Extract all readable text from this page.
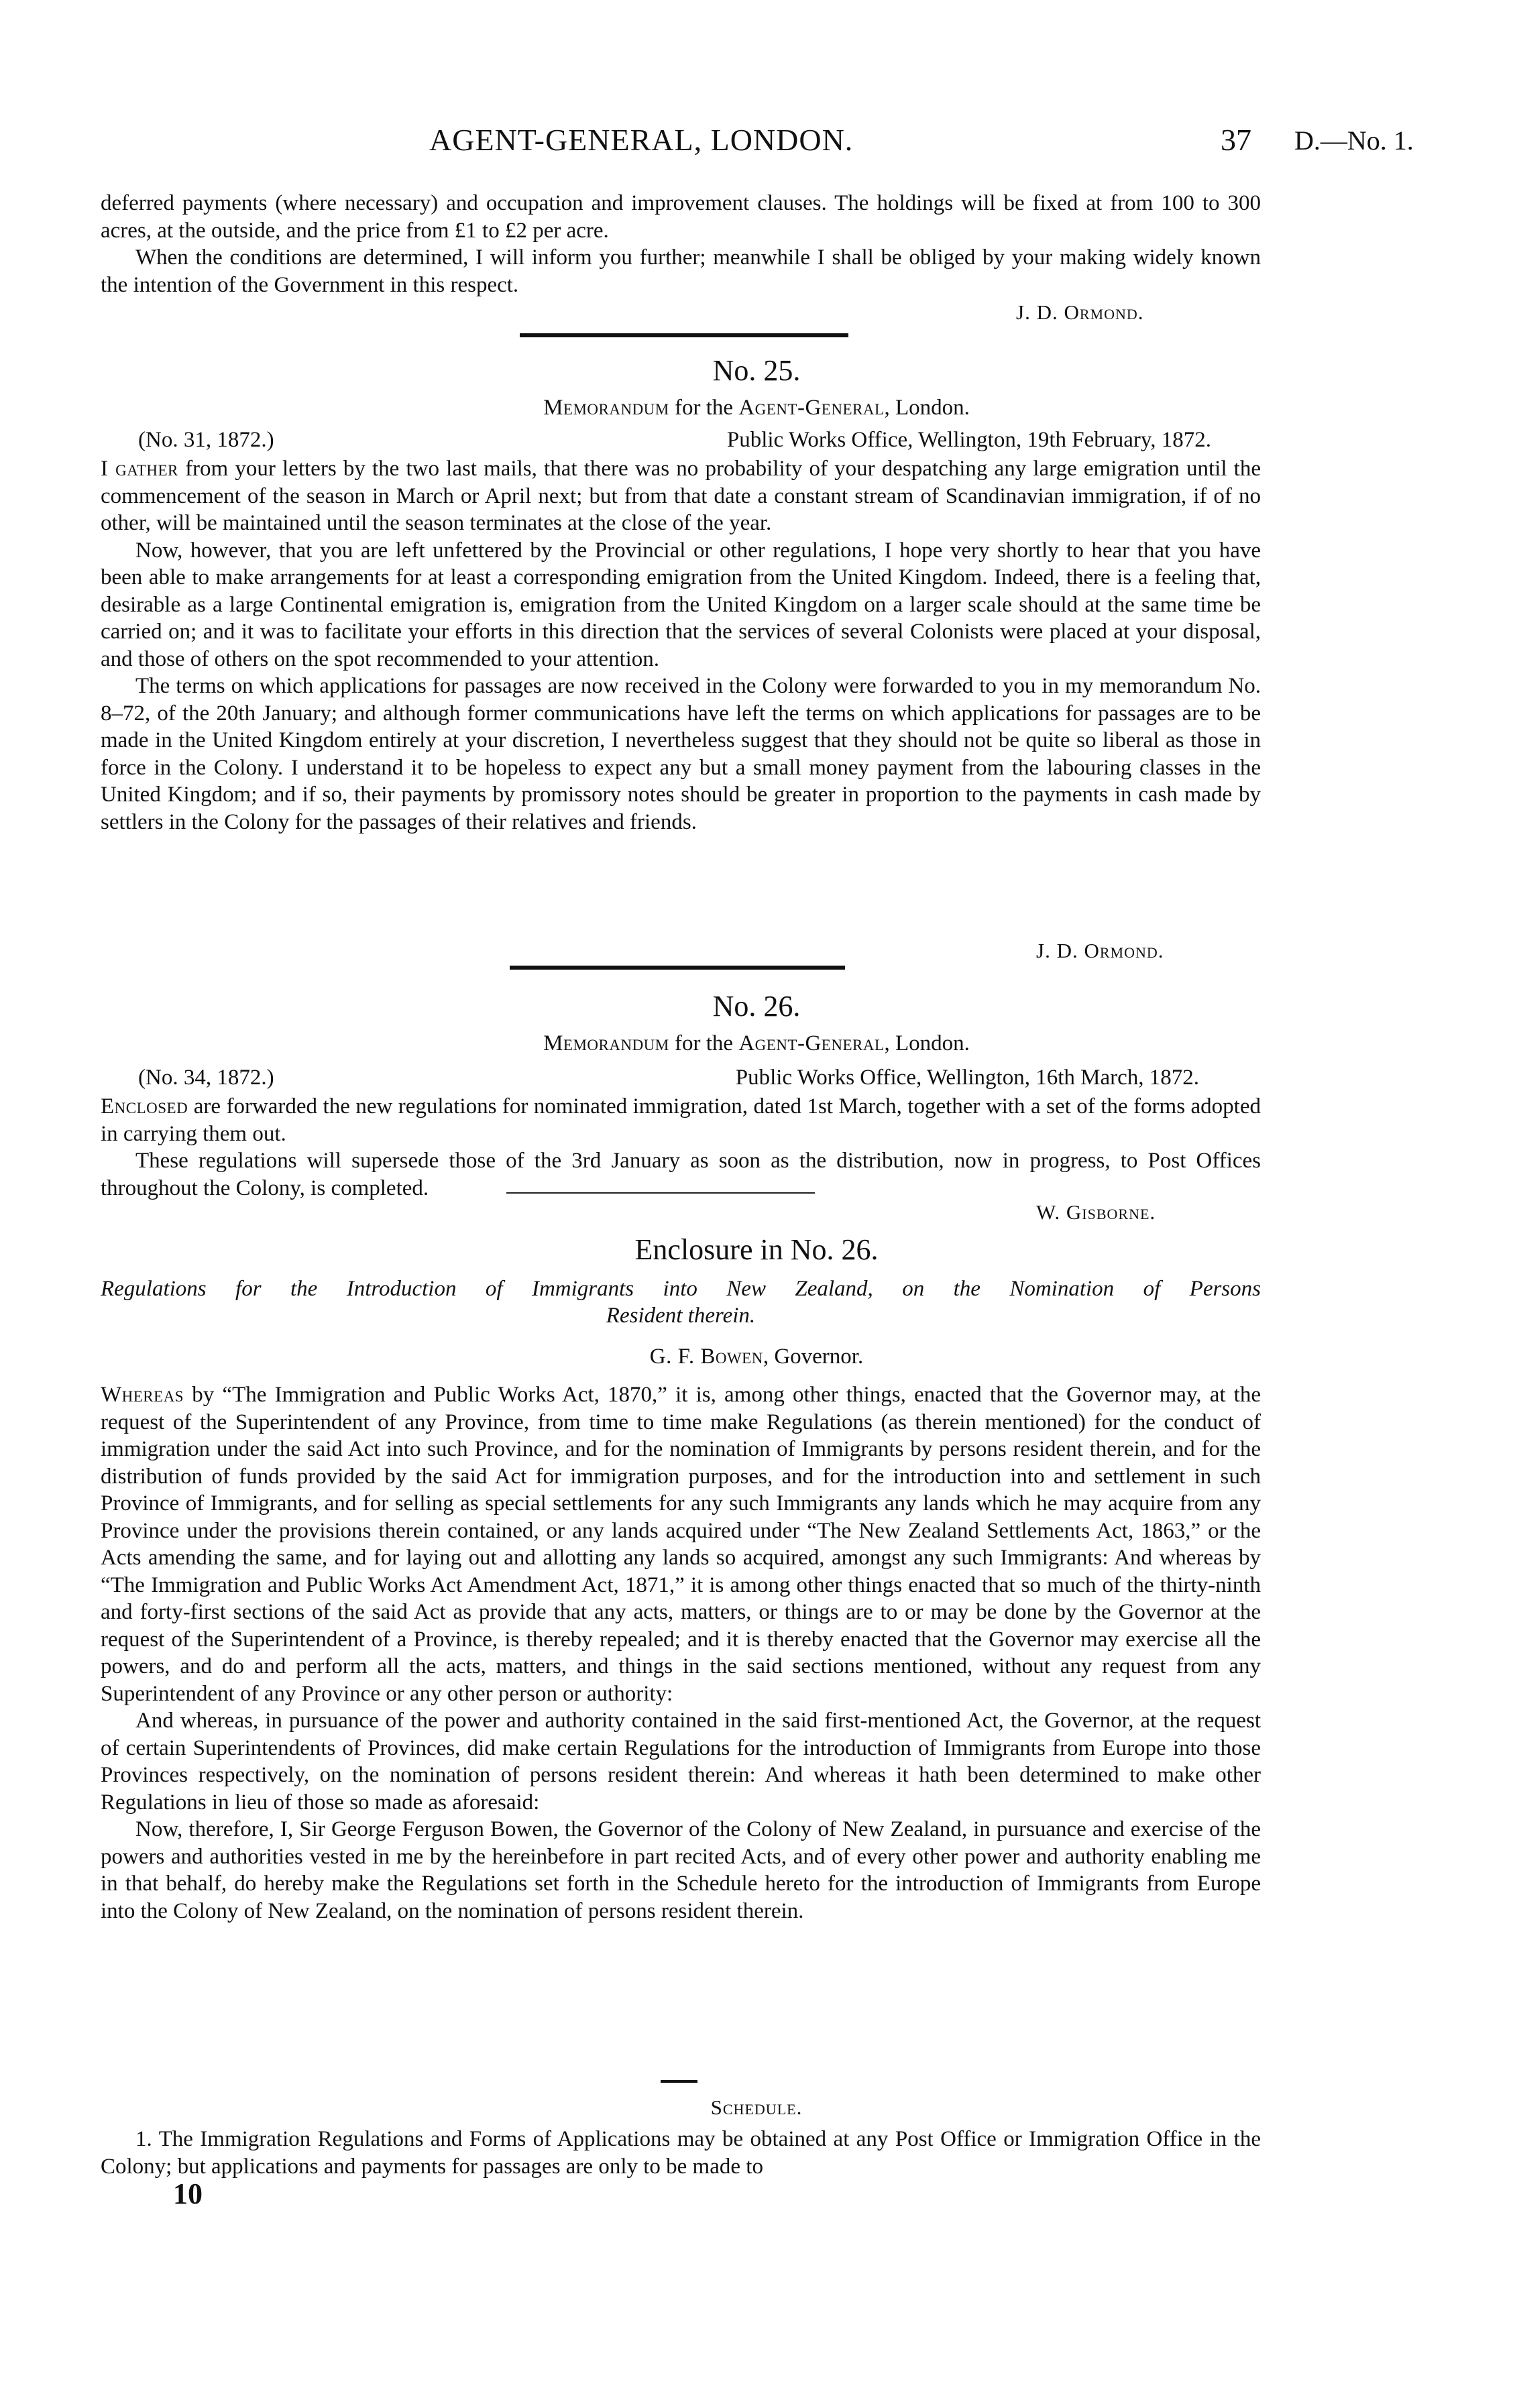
AGENT-GENERAL, LONDON.	37 D.—No. 1.
deferred payments (where necessary) and occupation and improvement clauses. The holdings will be fixed at from 100 to 300 acres, at the outside, and the price from £1 to £2 per acre.
When the conditions are determined, I will inform you further; meanwhile I shall be obliged by your making widely known the intention of the Government in this respect.
J. D. Ormond.
No. 25.
Memorandum for the Agent-General, London.
(No. 31, 1872.)	Public Works Office, Wellington, 19th February, 1872.
I gather from your letters by the two last mails, that there was no probability of your despatching any large emigration until the commencement of the season in March or April next; but from that date a constant stream of Scandinavian immigration, if of no other, will be maintained until the season terminates at the close of the year.
Now, however, that you are left unfettered by the Provincial or other regulations, I hope very shortly to hear that you have been able to make arrangements for at least a corresponding emigration from the United Kingdom. Indeed, there is a feeling that, desirable as a large Continental emigration is, emigration from the United Kingdom on a larger scale should at the same time be carried on; and it was to facilitate your efforts in this direction that the services of several Colonists were placed at your disposal, and those of others on the spot recommended to your attention.
The terms on which applications for passages are now received in the Colony were forwarded to you in my memorandum No. 8–72, of the 20th January; and although former communications have left the terms on which applications for passages are to be made in the United Kingdom entirely at your discretion, I nevertheless suggest that they should not be quite so liberal as those in force in the Colony. I understand it to be hopeless to expect any but a small money payment from the labouring classes in the United Kingdom; and if so, their payments by promissory notes should be greater in proportion to the payments in cash made by settlers in the Colony for the passages of their relatives and friends.
J. D. Ormond.
No. 26.
Memorandum for the Agent-General, London.
(No. 34, 1872.)	Public Works Office, Wellington, 16th March, 1872.
Enclosed are forwarded the new regulations for nominated immigration, dated 1st March, together with a set of the forms adopted in carrying them out.
These regulations will supersede those of the 3rd January as soon as the distribution, now in progress, to Post Offices throughout the Colony, is completed.
W. Gisborne.
Enclosure in No. 26.
Regulations for the Introduction of Immigrants into New Zealand, on the Nomination of Persons
Resident therein.
G. F. Bowen, Governor.
Whereas by “The Immigration and Public Works Act, 1870,” it is, among other things, enacted that the Governor may, at the request of the Superintendent of any Province, from time to time make Regulations (as therein mentioned) for the conduct of immigration under the said Act into such Province, and for the nomination of Immigrants by persons resident therein, and for the distribution of funds provided by the said Act for immigration purposes, and for the introduction into and settlement in such Province of Immigrants, and for selling as special settlements for any such Immigrants any lands which he may acquire from any Province under the provisions therein contained, or any lands acquired under “The New Zealand Settlements Act, 1863,” or the Acts amending the same, and for laying out and allotting any lands so acquired, amongst any such Immigrants: And whereas by “The Immigration and Public Works Act Amendment Act, 1871,” it is among other things enacted that so much of the thirty-ninth and forty-first sections of the said Act as provide that any acts, matters, or things are to or may be done by the Governor at the request of the Superintendent of a Province, is thereby repealed; and it is thereby enacted that the Governor may exercise all the powers, and do and perform all the acts, matters, and things in the said sections mentioned, without any request from any Superintendent of any Province or any other person or authority:
And whereas, in pursuance of the power and authority contained in the said first-mentioned Act, the Governor, at the request of certain Superintendents of Provinces, did make certain Regulations for the introduction of Immigrants from Europe into those Provinces respectively, on the nomination of persons resident therein: And whereas it hath been determined to make other Regulations in lieu of those so made as aforesaid:
Now, therefore, I, Sir George Ferguson Bowen, the Governor of the Colony of New Zealand, in pursuance and exercise of the powers and authorities vested in me by the hereinbefore in part recited Acts, and of every other power and authority enabling me in that behalf, do hereby make the Regulations set forth in the Schedule hereto for the introduction of Immigrants from Europe into the Colony of New Zealand, on the nomination of persons resident therein.
Schedule.
1. The Immigration Regulations and Forms of Applications may be obtained at any Post Office or Immigration Office in the Colony; but applications and payments for passages are only to be made to
10
